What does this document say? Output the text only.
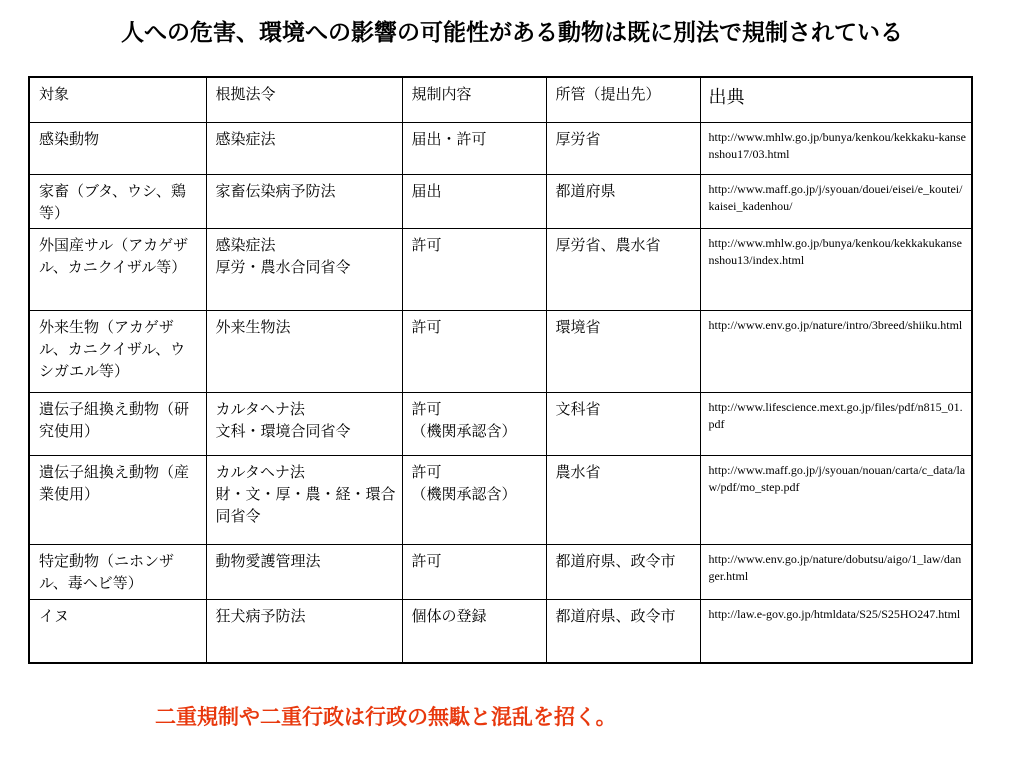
人への危害、環境への影響の可能性がある動物は既に別法で規制されている
対象	根拠法令	規制内容	所管（提出先）	出典

感染動物	感染症法	届出・許可	厚労省	http://www.mhlw.go.jp/bunya/kenkou/kekkaku-kansenshou17/03.html

家畜（ブタ、ウシ、鶏等）	家畜伝染病予防法	届出	都道府県	http://www.maff.go.jp/j/syouan/douei/eisei/e_koutei/kaisei_kadenhou/

外国産サル（アカゲザル、カニクイザル等）	感染症法
厚労・農水合同省令	許可	厚労省、農水省	http://www.mhlw.go.jp/bunya/kenkou/kekkakukansenshou13/index.html

外来生物（アカゲザル、カニクイザル、ウシガエル等）	外来生物法	許可	環境省	http://www.env.go.jp/nature/intro/3breed/shiiku.html

遺伝子組換え動物（研究使用）	カルタヘナ法
文科・環境合同省令	許可
（機関承認含）	文科省	http://www.lifescience.mext.go.jp/files/pdf/n815_01.pdf

遺伝子組換え動物（産業使用）	カルタヘナ法
財・文・厚・農・経・環合同省令	許可
（機関承認含）	農水省	http://www.maff.go.jp/j/syouan/nouan/carta/c_data/law/pdf/mo_step.pdf

特定動物（ニホンザル、毒ヘビ等）	動物愛護管理法	許可	都道府県、政令市	http://www.env.go.jp/nature/dobutsu/aigo/1_law/danger.html

イヌ	狂犬病予防法	個体の登録	都道府県、政令市	http://law.e-gov.go.jp/htmldata/S25/S25HO247.html
二重規制や二重行政は行政の無駄と混乱を招く。
